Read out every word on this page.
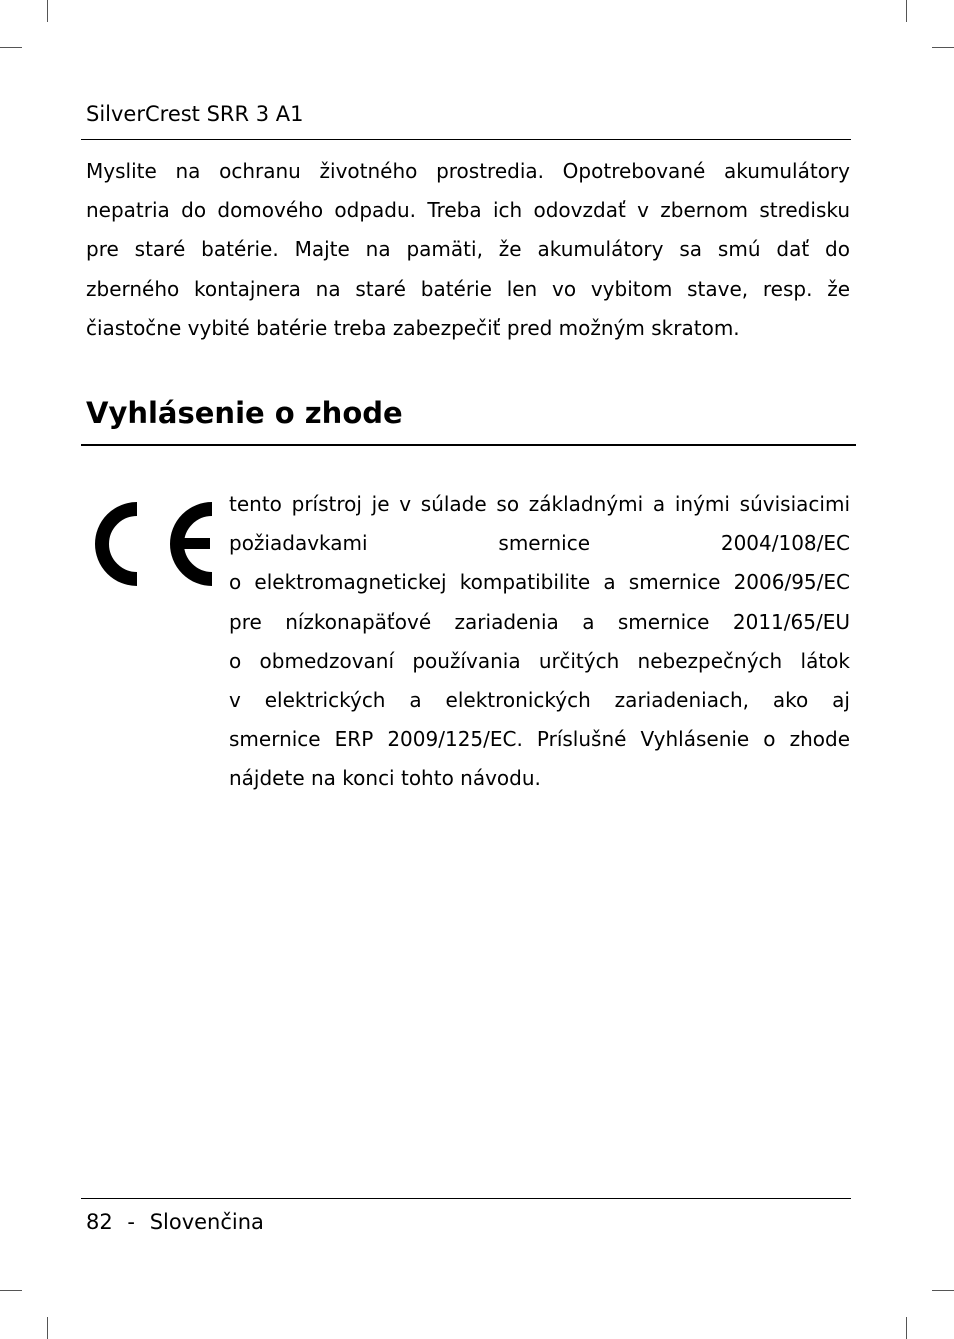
SilverCrest SRR 3 A1
Myslite na ochranu životného prostredia. Opotrebované akumulátory
nepatria do domového odpadu. Treba ich odovzdať v zbernom stredisku
pre staré batérie. Majte na pamäti, že akumulátory sa smú dať do
zberného kontajnera na staré batérie len vo vybitom stave, resp. že
čiastočne vybité batérie treba zabezpečiť pred možným skratom.
Vyhlásenie o zhode
tento prístroj je v súlade so základnými a inými súvisiacimi
požiadavkami smernice 2004/108/EC
o elektromagnetickej kompatibilite a smernice 2006/95/EC
pre nízkonapäťové zariadenia a smernice 2011/65/EU
o obmedzovaní používania určitých nebezpečných látok
v elektrických a elektronických zariadeniach, ako aj
smernice ERP 2009/125/EC. Príslušné Vyhlásenie o zhode
nájdete na konci tohto návodu.
82 - Slovenčina
